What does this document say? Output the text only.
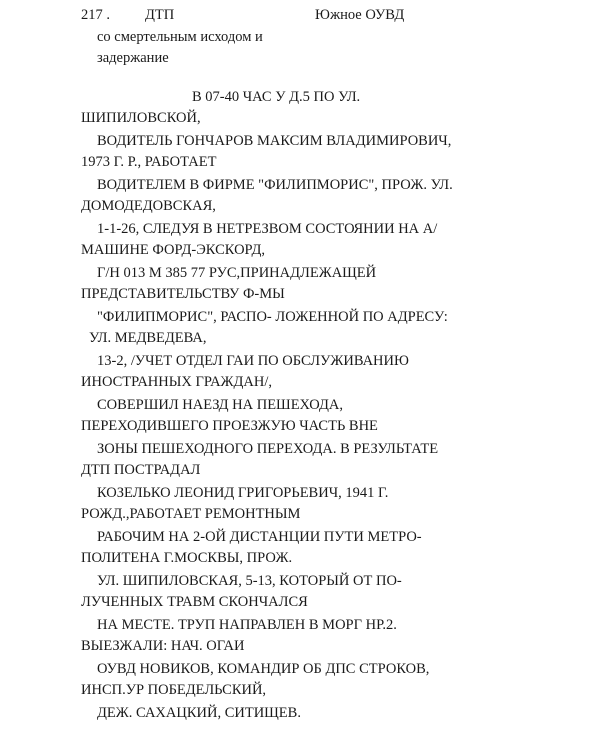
217 . ДТП	Южное ОУВД
со смертельным исходом и
задержание
В 07-40 ЧАС У Д.5 ПО УЛ.
ШИПИЛОВСКОЙ,
ВОДИТЕЛЬ ГОНЧАРОВ МАКСИМ ВЛАДИМИРОВИЧ,
1973 Г. Р., РАБОТАЕТ
ВОДИТЕЛЕМ В ФИРМЕ "ФИЛИПМОРИС", ПРОЖ. УЛ.
ДОМОДЕДОВСКАЯ,
1-1-26, СЛЕДУЯ В НЕТРЕЗВОМ СОСТОЯНИИ НА А/
МАШИНЕ ФОРД-ЭКСКОРД,
Г/Н 013 М 385 77 РУС,ПРИНАДЛЕЖАЩЕЙ
ПРЕДСТАВИТЕЛЬСТВУ Ф-МЫ
"ФИЛИПМОРИС", РАСПО- ЛОЖЕННОЙ ПО АДРЕСУ:
УЛ. МЕДВЕДЕВА,
13-2, /УЧЕТ ОТДЕЛ ГАИ ПО ОБСЛУЖИВАНИЮ
ИНОСТРАННЫХ ГРАЖДАН/,
СОВЕРШИЛ НАЕЗД НА ПЕШЕХОДА,
ПЕРЕХОДИВШЕГО ПРОЕЗЖУЮ ЧАСТЬ ВНЕ
ЗОНЫ ПЕШЕХОДНОГО ПЕРЕХОДА. В РЕЗУЛЬТАТЕ
ДТП ПОСТРАДАЛ
КОЗЕЛЬКО ЛЕОНИД ГРИГОРЬЕВИЧ, 1941 Г.
РОЖД.,РАБОТАЕТ РЕМОНТНЫМ
РАБОЧИМ НА 2-ОЙ ДИСТАНЦИИ ПУТИ МЕТРО-
ПОЛИТЕНА Г.МОСКВЫ, ПРОЖ.
УЛ. ШИПИЛОВСКАЯ, 5-13, КОТОРЫЙ ОТ ПО-
ЛУЧЕННЫХ ТРАВМ СКОНЧАЛСЯ
НА МЕСТЕ. ТРУП НАПРАВЛЕН В МОРГ НР.2.
ВЫЕЗЖАЛИ: НАЧ. ОГАИ
ОУВД НОВИКОВ, КОМАНДИР ОБ ДПС СТРОКОВ,
ИНСП.УР ПОБЕДЕЛЬСКИЙ,
ДЕЖ. САХАЦКИЙ, СИТИЩЕВ.
